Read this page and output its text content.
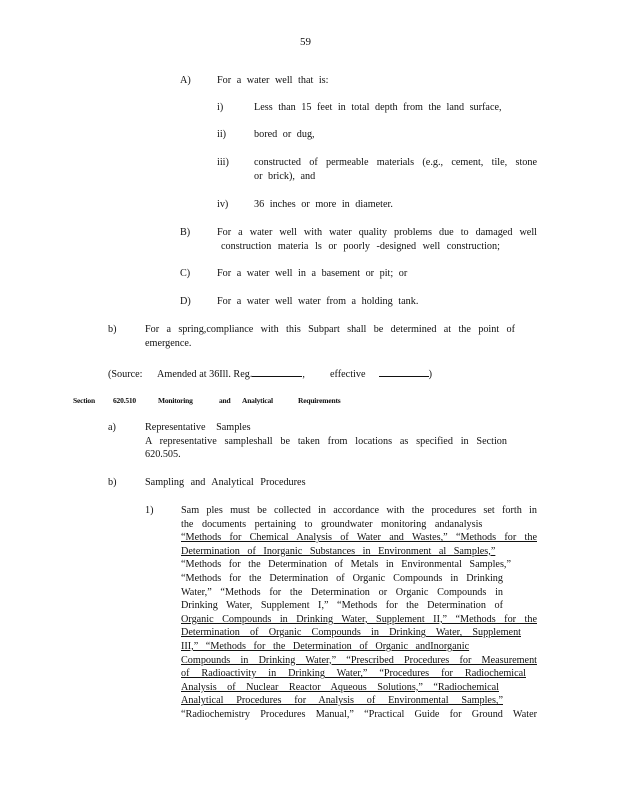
59
A)	For a water well that is:
i)	Less than 15 feet in total depth from the land surface,
ii)	bored or dug,
iii) constructed of permeable materials (e.g., cement, tile, stone
or brick), and
iv)	36 inches or more in diameter.
B)	For a water well with water quality problems due to damaged well
construction materia ls or poorly -designed well construction;
C)	For a water well in a basement or pit; or
D)	For a water well water from a holding tank.
b)	For a spring,compliance with this Subpart shall be determined at the point of
emergence.
(Source: Amended at 36Ill. Reg.	, effective	)
Section 620.510	Monitoring	and Analytical	Requirements
a)	Representative Samples
A representative sampleshall be taken from locations as specified in Section
620.505.
b)	Sampling and Analytical Procedures
1)	Sam ples must be collected in accordance with the procedures set forth in
the documents pertaining to groundwater monitoring andanalysis
“Methods for Chemical Analysis of Water and Wastes,” “Methods for the
Determination of Inorganic Substances in Environment al Samples,”
“Methods for the Determination of Metals in Environmental Samples,”
“Methods for the Determination of Organic Compounds in Drinking
Water,” “Methods for the Determination or Organic Compounds in
Drinking Water, Supplement I,” “Methods for the Determination of
Organic Compounds in Drinking Water, Supplement II,” “Methods for the
Determination of Organic Compounds in Drinking Water, Supplement
III,” “Methods for the Determination of Organic andInorganic
Compounds in Drinking Water,” “Prescribed Procedures for Measurement
of Radioactivity in Drinking Water,” “Procedures for Radiochemical
Analysis of Nuclear Reactor Aqueous Solutions,” “Radiochemical
Analytical Procedures for Analysis of Environmental Samples,”
“Radiochemistry Procedures Manual,” “Practical Guide for Ground Water
